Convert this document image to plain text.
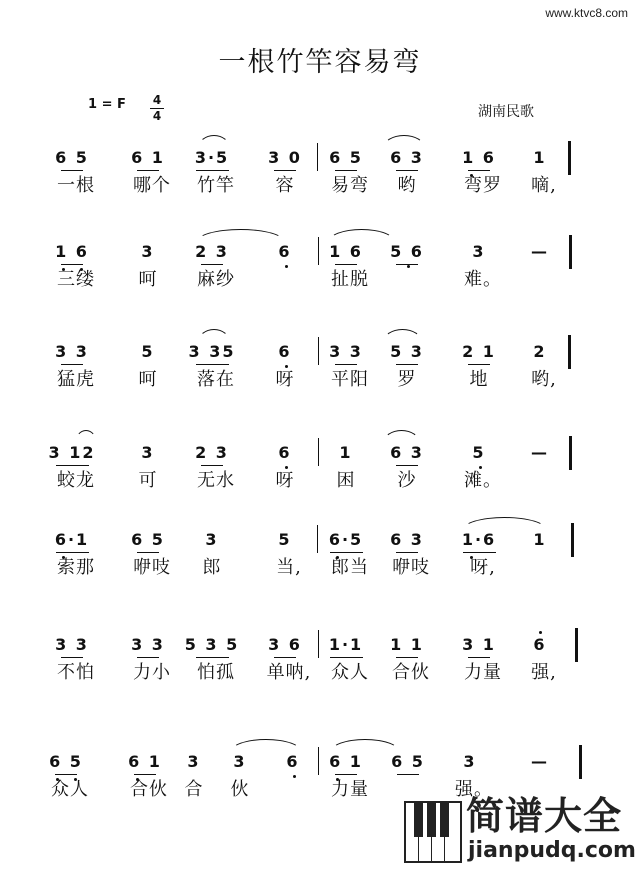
www.ktvc8.com
一根竹竿容易弯
1 = F 4
4	湖南民歌
6 5	6 1 3·5 3 0 6 5 6 3 1 6 1
一根 哪个 竹竿 容 易弯 哟	弯罗 嘀,
1 6	3	2 3	6 1 6 5 6	3	—
三缕 呵 麻纱	扯脱	难。
3 3	5 3 35	6 3 3 5 3 2 1 2
猛虎 呵 落在 呀 平阳 罗	地 哟,
3 12	3	2 3	6	1 6 3	5	—
蛟龙 可 无水 呀 困 沙	滩。
6·1	6 5	3	5 6·5 6 3 1·6 1
索那 咿吱 郎	当, 郎当 咿吱 呀,
3 3	3 3 5 3 5 3 6 1·1 1 1 3 1 6
不怕 力小 怕孤 单呐, 众人 合伙 力量 强,
6 5	6 1 3 3 6 6 1 6 5 3	—
众人 合伙 合 伙	力量	强。
简谱大全
jianpudq.com
